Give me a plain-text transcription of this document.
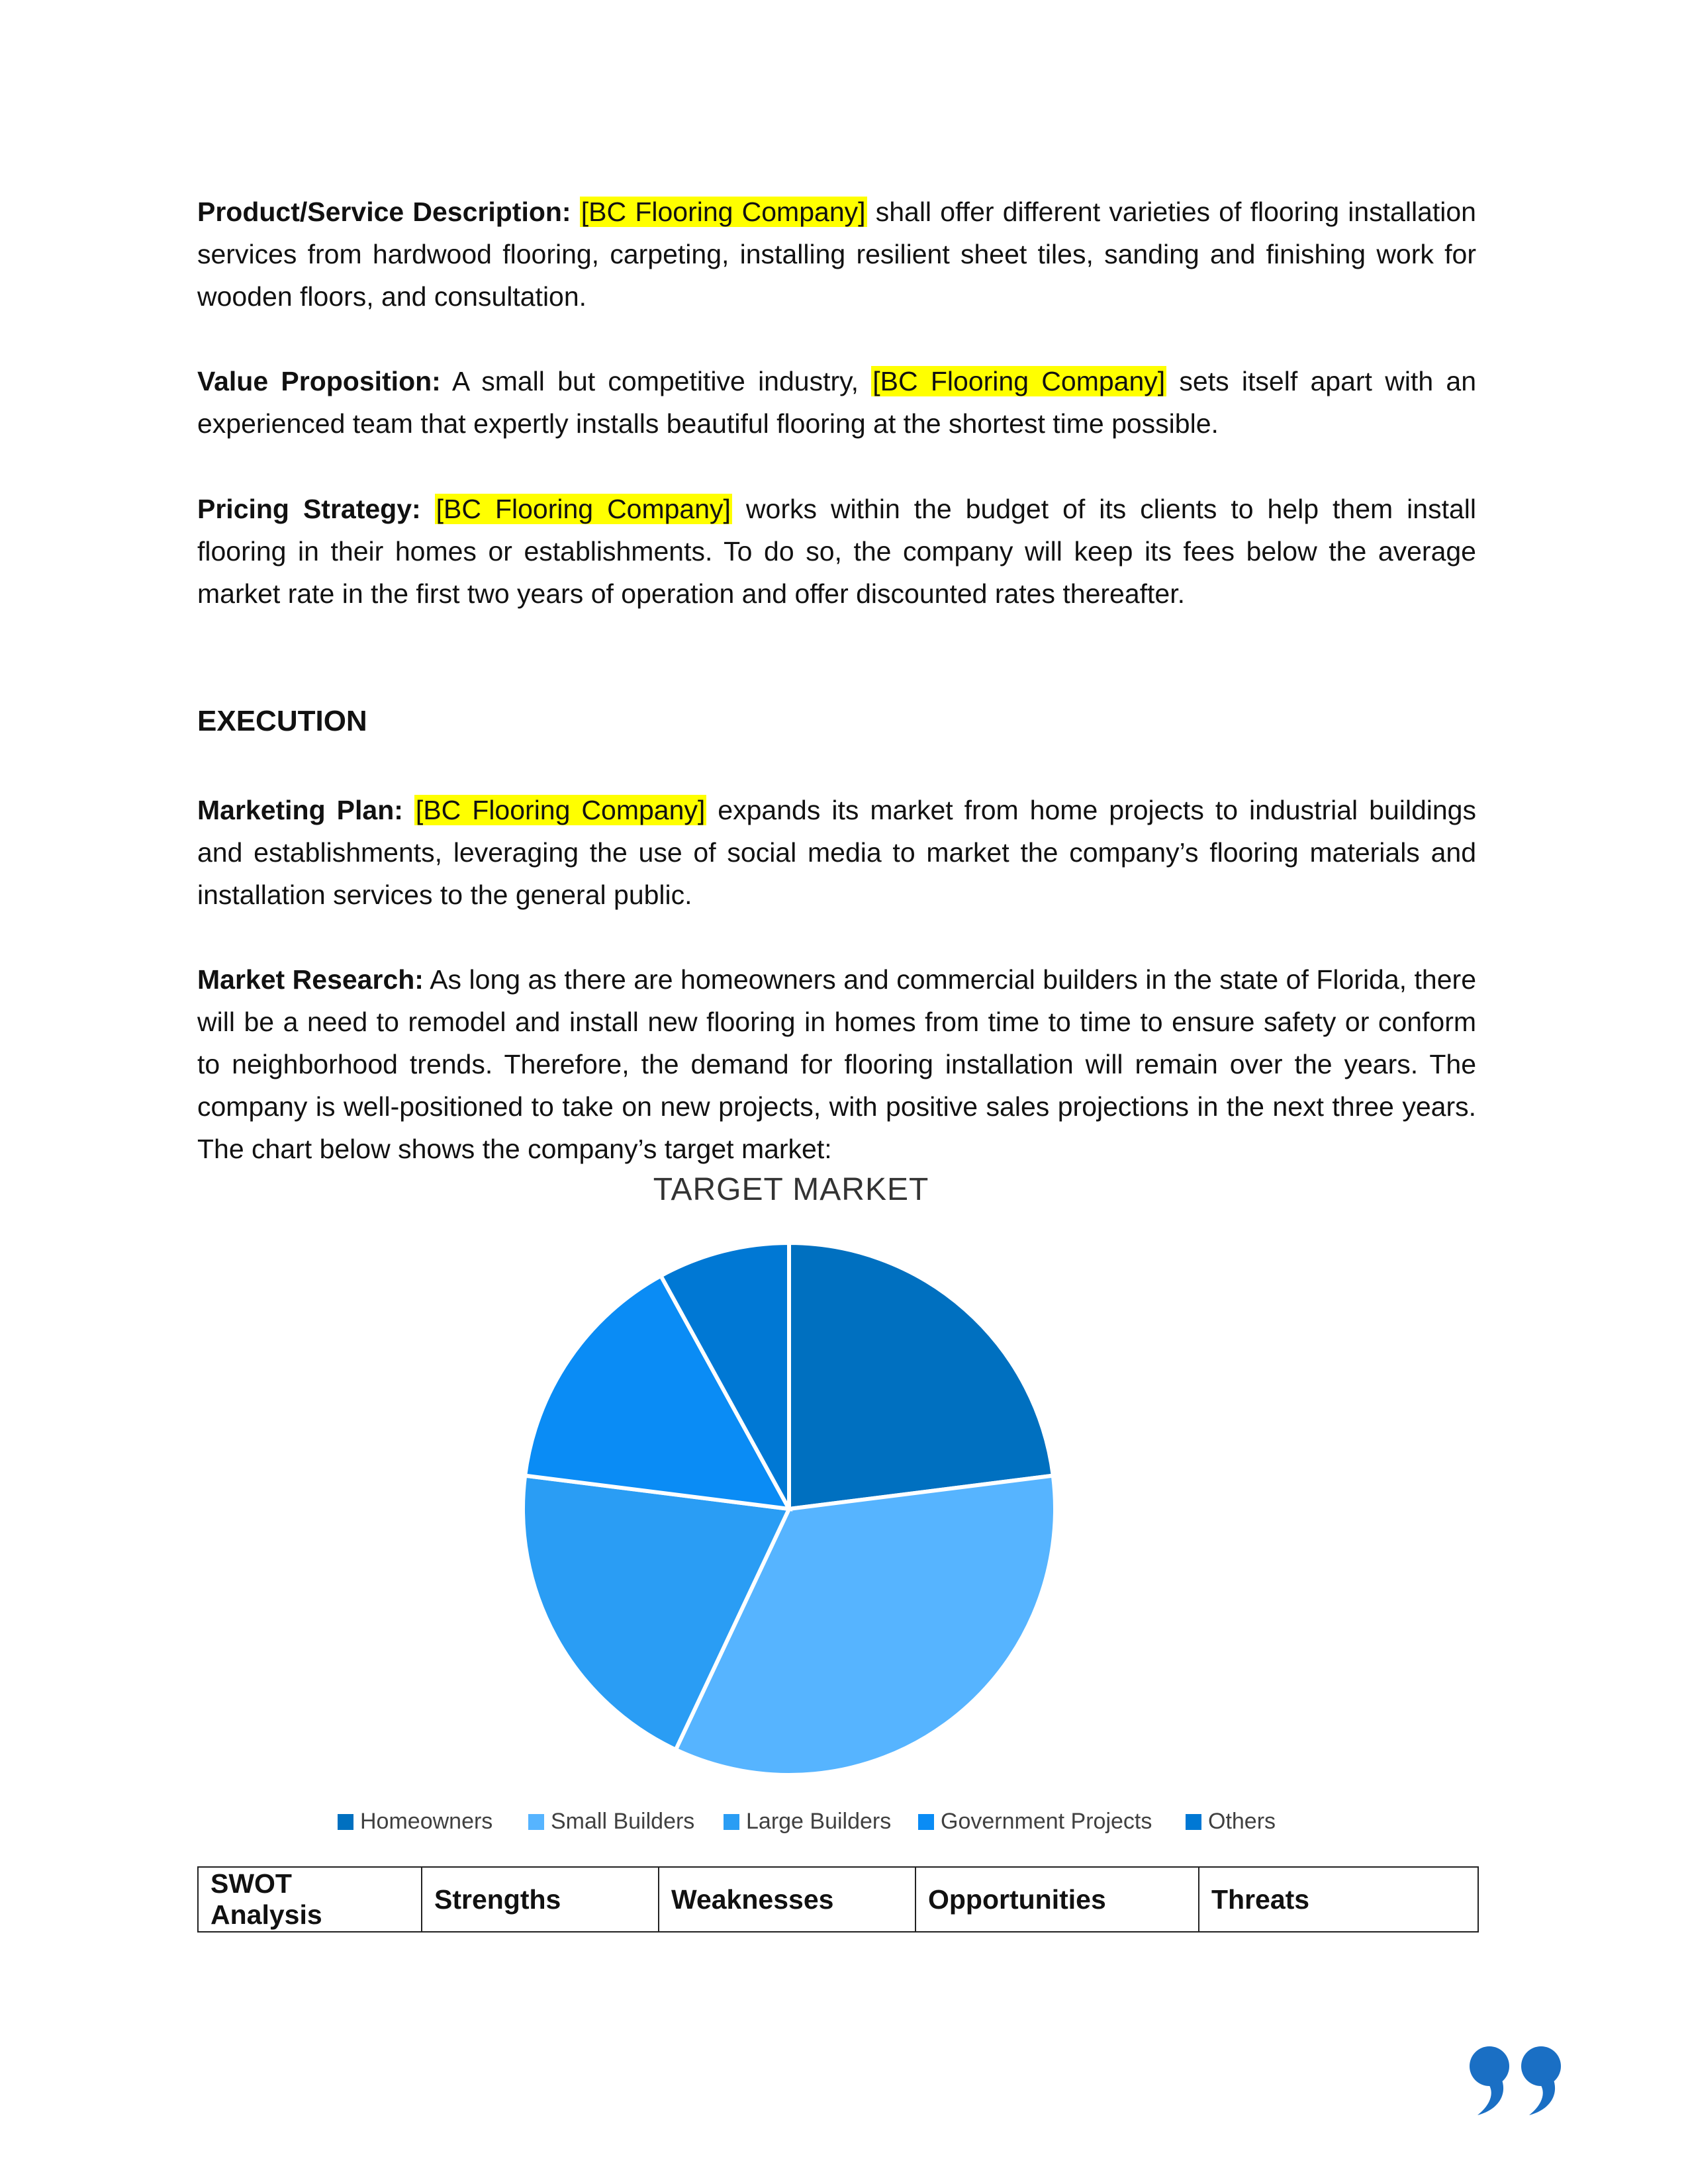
Product/Service Description: [BC Flooring Company] shall offer different varieties of flooring installation services from hardwood flooring, carpeting, installing resilient sheet tiles, sanding and finishing work for wooden floors, and consultation.

Value Proposition: A small but competitive industry, [BC Flooring Company] sets itself apart with an experienced team that expertly installs beautiful flooring at the shortest time possible.

Pricing Strategy: [BC Flooring Company] works within the budget of its clients to help them install flooring in their homes or establishments. To do so, the company will keep its fees below the average market rate in the first two years of operation and offer discounted rates thereafter.

EXECUTION

Marketing Plan: [BC Flooring Company] expands its market from home projects to industrial buildings and establishments, leveraging the use of social media to market the company’s flooring materials and installation services to the general public.

Market Research: As long as there are homeowners and commercial builders in the state of Florida, there will be a need to remodel and install new flooring in homes from time to time to ensure safety or conform to neighborhood trends. Therefore, the demand for flooring installation will remain over the years. The company is well-positioned to take on new projects, with positive sales projections in the next three years. The chart below shows the company’s target market:

TARGET MARKET
Homeowners	Small Builders	Large Builders	Government Projects	Others
SWOT Analysis	Strengths	Weaknesses	Opportunities	Threats
